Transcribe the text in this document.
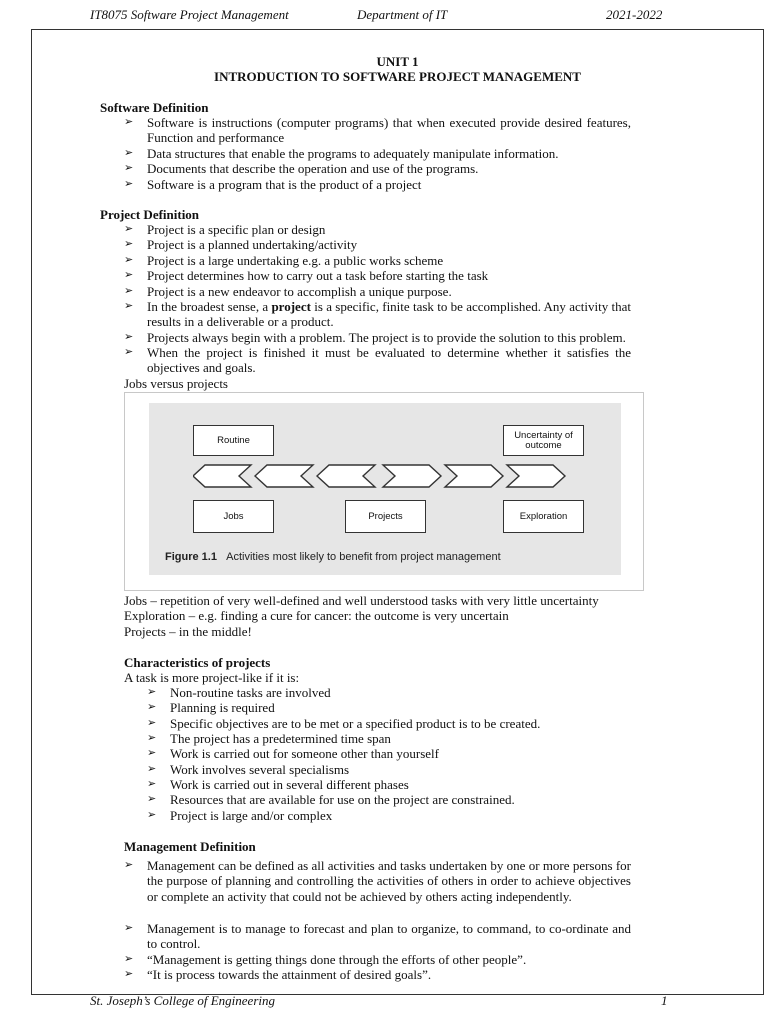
IT8075 Software Project Management	Department of IT	2021-2022
UNIT 1
INTRODUCTION TO SOFTWARE PROJECT MANAGEMENT
Software Definition
➢	Software is instructions (computer programs) that when executed provide desired features, Function and performance
➢	Data structures that enable the programs to adequately manipulate information.
➢	Documents that describe the operation and use of the programs.
➢	Software is a program that is the product of a project
Project Definition
➢	Project is a specific plan or design
➢	Project is a planned undertaking/activity
➢	Project is a large undertaking e.g. a public works scheme
➢	Project determines how to carry out a task before starting the task
➢	Project is a new endeavor to accomplish a unique purpose.
➢	In the broadest sense, a project is a specific, finite task to be accomplished. Any activity that results in a deliverable or a product.
➢	Projects always begin with a problem. The project is to provide the solution to this problem.
➢	When the project is finished it must be evaluated to determine whether it satisfies the objectives and goals.
Jobs versus projects
Routine	Uncertainty of outcome
Jobs	Projects	Exploration
Figure 1.1 Activities most likely to benefit from project management
Jobs – repetition of very well-defined and well understood tasks with very little uncertainty
Exploration – e.g. finding a cure for cancer: the outcome is very uncertain
Projects – in the middle!
Characteristics of projects
A task is more project-like if it is:
➢	Non-routine tasks are involved
➢	Planning is required
➢	Specific objectives are to be met or a specified product is to be created.
➢	The project has a predetermined time span
➢	Work is carried out for someone other than yourself
➢	Work involves several specialisms
➢	Work is carried out in several different phases
➢	Resources that are available for use on the project are constrained.
➢	Project is large and/or complex
Management Definition
➢	Management can be defined as all activities and tasks undertaken by one or more persons for the purpose of planning and controlling the activities of others in order to achieve objectives or complete an activity that could not be achieved by others acting independently.
➢	Management is to manage to forecast and plan to organize, to command, to co-ordinate and to control.
➢	“Management is getting things done through the efforts of other people”.
➢	“It is process towards the attainment of desired goals”.
St. Joseph’s College of Engineering	1
